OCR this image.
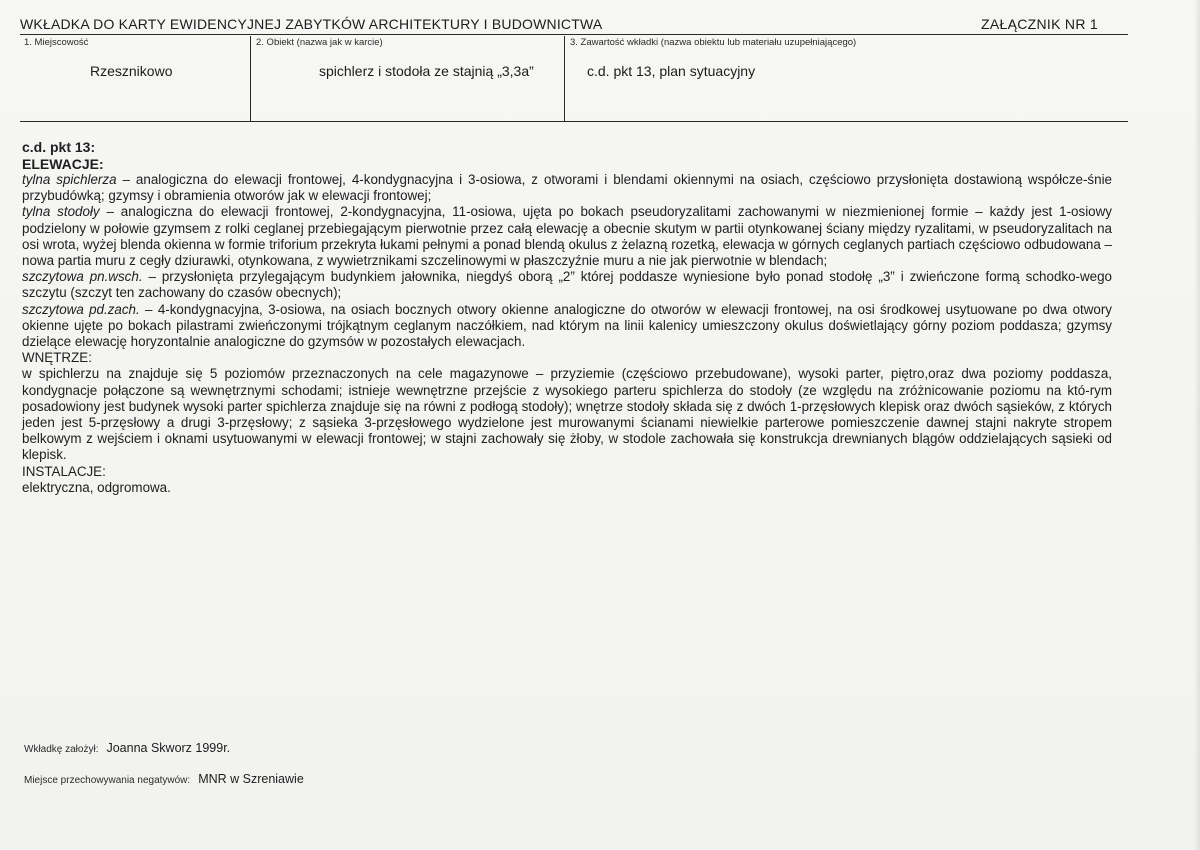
WKŁADKA DO KARTY EWIDENCYJNEJ ZABYTKÓW ARCHITEKTURY I BUDOWNICTWA	ZAŁĄCZNIK NR 1
1. Miejscowość
Rzesznikowo
2. Obiekt (nazwa jak w karcie)
spichlerz i stodoła ze stajnią „3,3a”
3. Zawartość wkładki (nazwa obiektu lub materiału uzupełniającego)
c.d. pkt 13, plan sytuacyjny
c.d. pkt 13:
ELEWACJE:

tylna spichlerza – analogiczna do elewacji frontowej, 4-kondygnacyjna i 3-osiowa, z otworami i blendami okiennymi na osiach, częściowo przysłonięta dostawioną współcze-śnie przybudówką; gzymsy i obramienia otworów jak w elewacji frontowej;

tylna stodoły – analogiczna do elewacji frontowej, 2-kondygnacyjna, 11-osiowa, ujęta po bokach pseudoryzalitami zachowanymi w niezmienionej formie – każdy jest 1-osiowy podzielony w połowie gzymsem z rolki ceglanej przebiegającym pierwotnie przez całą elewację a obecnie skutym w partii otynkowanej ściany między ryzalitami, w pseudoryzalitach na osi wrota, wyżej blenda okienna w formie triforium przekryta łukami pełnymi a ponad blendą okulus z żelazną rozetką, elewacja w górnych ceglanych partiach częściowo odbudowana – nowa partia muru z cegły dziurawki, otynkowana, z wywietrznikami szczelinowymi w płaszczyźnie muru a nie jak pierwotnie w blendach;

szczytowa pn.wsch. – przysłonięta przylegającym budynkiem jałownika, niegdyś oborą „2” której poddasze wyniesione było ponad stodołę „3” i zwieńczone formą schodko-wego szczytu (szczyt ten zachowany do czasów obecnych);

szczytowa pd.zach. – 4-kondygnacyjna, 3-osiowa, na osiach bocznych otwory okienne analogiczne do otworów w elewacji frontowej, na osi środkowej usytuowane po dwa otwory okienne ujęte po bokach pilastrami zwieńczonymi trójkątnym ceglanym naczółkiem, nad którym na linii kalenicy umieszczony okulus doświetlający górny poziom poddasza; gzymsy dzielące elewację horyzontalnie analogiczne do gzymsów w pozostałych elewacjach.

WNĘTRZE:

w spichlerzu na znajduje się 5 poziomów przeznaczonych na cele magazynowe – przyziemie (częściowo przebudowane), wysoki parter, piętro,oraz dwa poziomy poddasza, kondygnacje połączone są wewnętrznymi schodami; istnieje wewnętrzne przejście z wysokiego parteru spichlerza do stodoły (ze względu na zróżnicowanie poziomu na któ-rym posadowiony jest budynek wysoki parter spichlerza znajduje się na równi z podłogą stodoły); wnętrze stodoły składa się z dwóch 1-przęsłowych klepisk oraz dwóch sąsieków, z których jeden jest 5-przęsłowy a drugi 3-przęsłowy; z sąsieka 3-przęsłowego wydzielone jest murowanymi ścianami niewielkie parterowe pomieszczenie dawnej stajni nakryte stropem belkowym z wejściem i oknami usytuowanymi w elewacji frontowej; w stajni zachowały się żłoby, w stodole zachowała się konstrukcja drewnianych blągów oddzielających sąsieki od klepisk.

INSTALACJE:

elektryczna, odgromowa.

Wkładkę założył: Joanna Skworz 1999r.
Miejsce przechowywania negatywów: MNR w Szreniawie
